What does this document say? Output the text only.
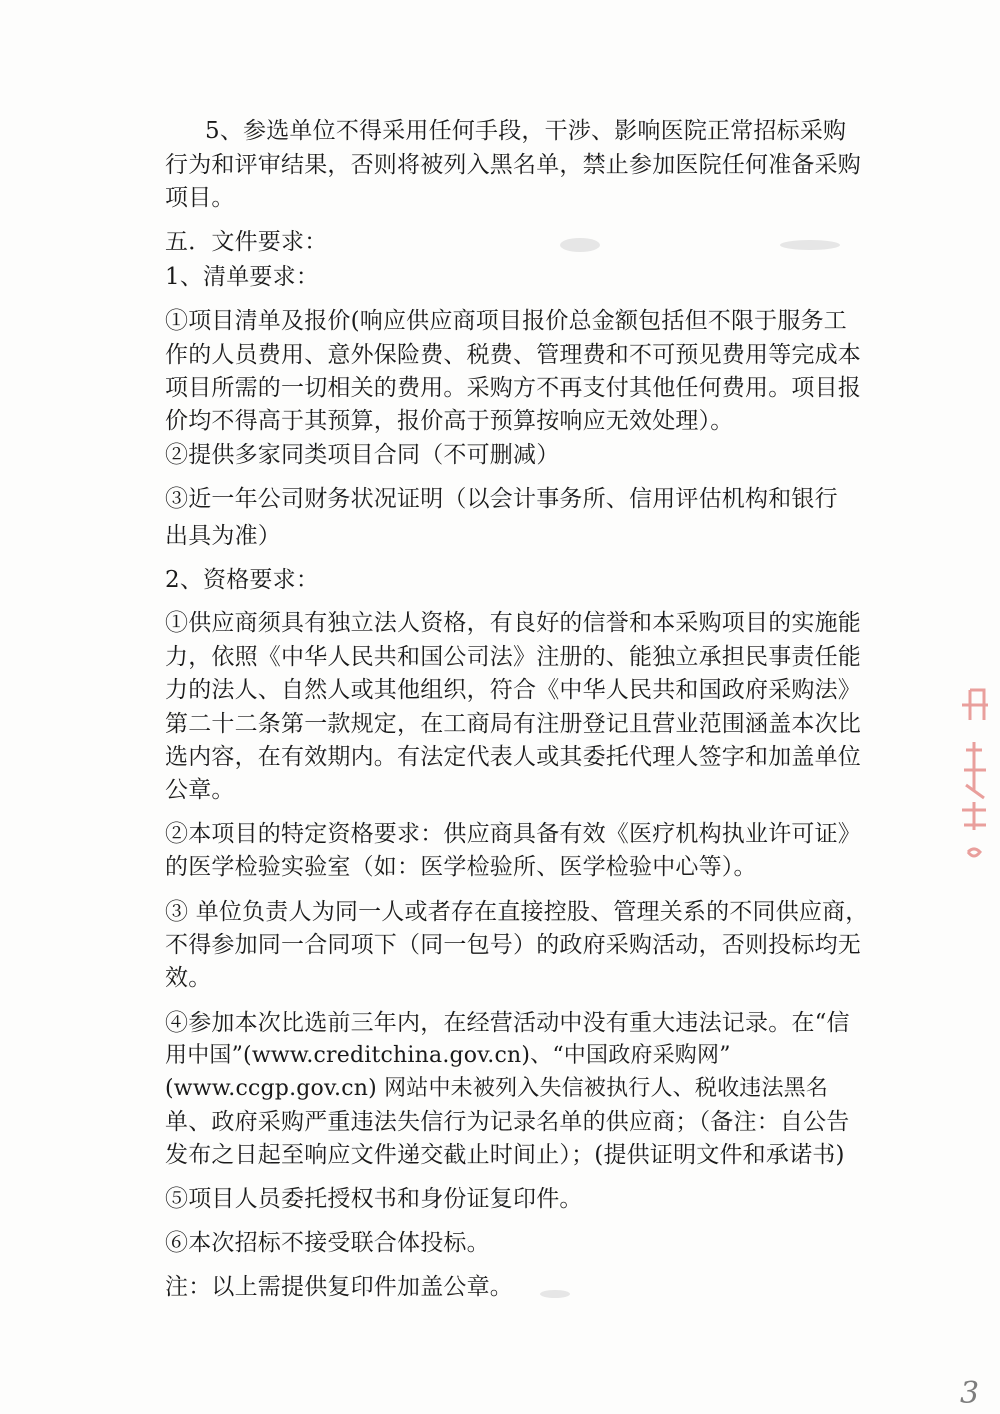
5、参选单位不得采用任何手段，干涉、影响医院正常招标采购
行为和评审结果，否则将被列入黑名单，禁止参加医院任何准备采购
项目。
五．文件要求：
1、清单要求：
①项目清单及报价(响应供应商项目报价总金额包括但不限于服务工
作的人员费用、意外保险费、税费、管理费和不可预见费用等完成本
项目所需的一切相关的费用。采购方不再支付其他任何费用。项目报
价均不得高于其预算，报价高于预算按响应无效处理）。
②提供多家同类项目合同（不可删减）
③近一年公司财务状况证明（以会计事务所、信用评估机构和银行
出具为准）
2、资格要求：
①供应商须具有独立法人资格，有良好的信誉和本采购项目的实施能
力，依照《中华人民共和国公司法》注册的、能独立承担民事责任能
力的法人、自然人或其他组织，符合《中华人民共和国政府采购法》
第二十二条第一款规定，在工商局有注册登记且营业范围涵盖本次比
选内容，在有效期内。有法定代表人或其委托代理人签字和加盖单位
公章。
②本项目的特定资格要求：供应商具备有效《医疗机构执业许可证》
的医学检验实验室（如：医学检验所、医学检验中心等）。
③ 单位负责人为同一人或者存在直接控股、管理关系的不同供应商，
不得参加同一合同项下（同一包号）的政府采购活动，否则投标均无
效。
④参加本次比选前三年内，在经营活动中没有重大违法记录。在“信
用中国”(www.creditchina.gov.cn)、“中国政府采购网”
(www.ccgp.gov.cn) 网站中未被列入失信被执行人、税收违法黑名
单、政府采购严重违法失信行为记录名单的供应商；（备注：自公告
发布之日起至响应文件递交截止时间止）；(提供证明文件和承诺书)
⑤项目人员委托授权书和身份证复印件。
⑥本次招标不接受联合体投标。
注：以上需提供复印件加盖公章。
3
